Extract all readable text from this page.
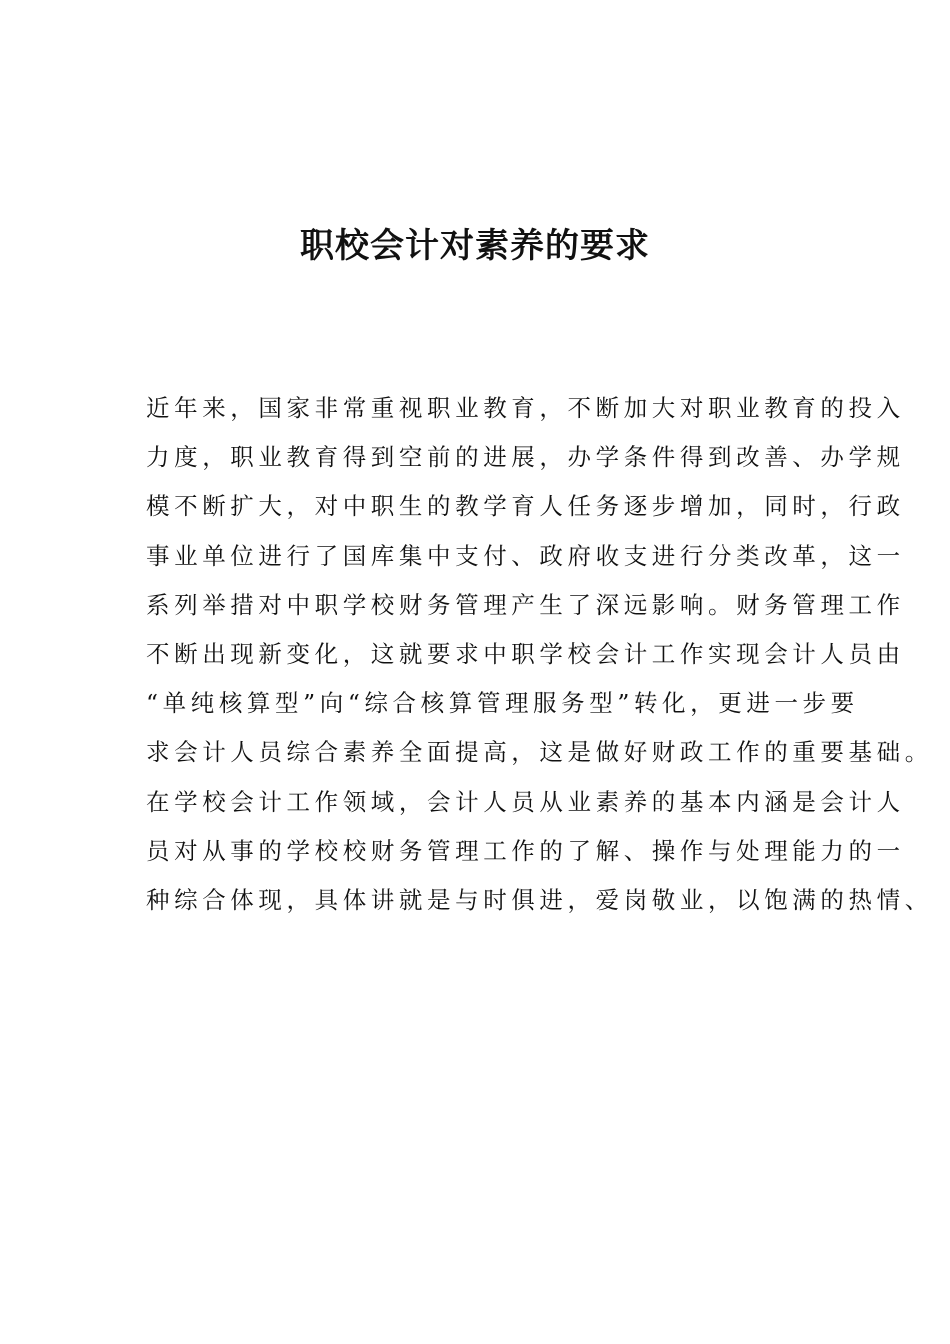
职校会计对素养的要求
近年来，国家非常重视职业教育，不断加大对职业教育的投入
力度，职业教育得到空前的进展，办学条件得到改善、办学规
模不断扩大，对中职生的教学育人任务逐步增加，同时，行政
事业单位进行了国库集中支付、政府收支进行分类改革，这一
系列举措对中职学校财务管理产生了深远影响。财务管理工作
不断出现新变化，这就要求中职学校会计工作实现会计人员由
“单纯核算型”向“综合核算管理服务型”转化，更进一步要
求会计人员综合素养全面提高，这是做好财政工作的重要基础。
在学校会计工作领域，会计人员从业素养的基本内涵是会计人
员对从事的学校校财务管理工作的了解、操作与处理能力的一
种综合体现，具体讲就是与时俱进，爱岗敬业，以饱满的热情、
